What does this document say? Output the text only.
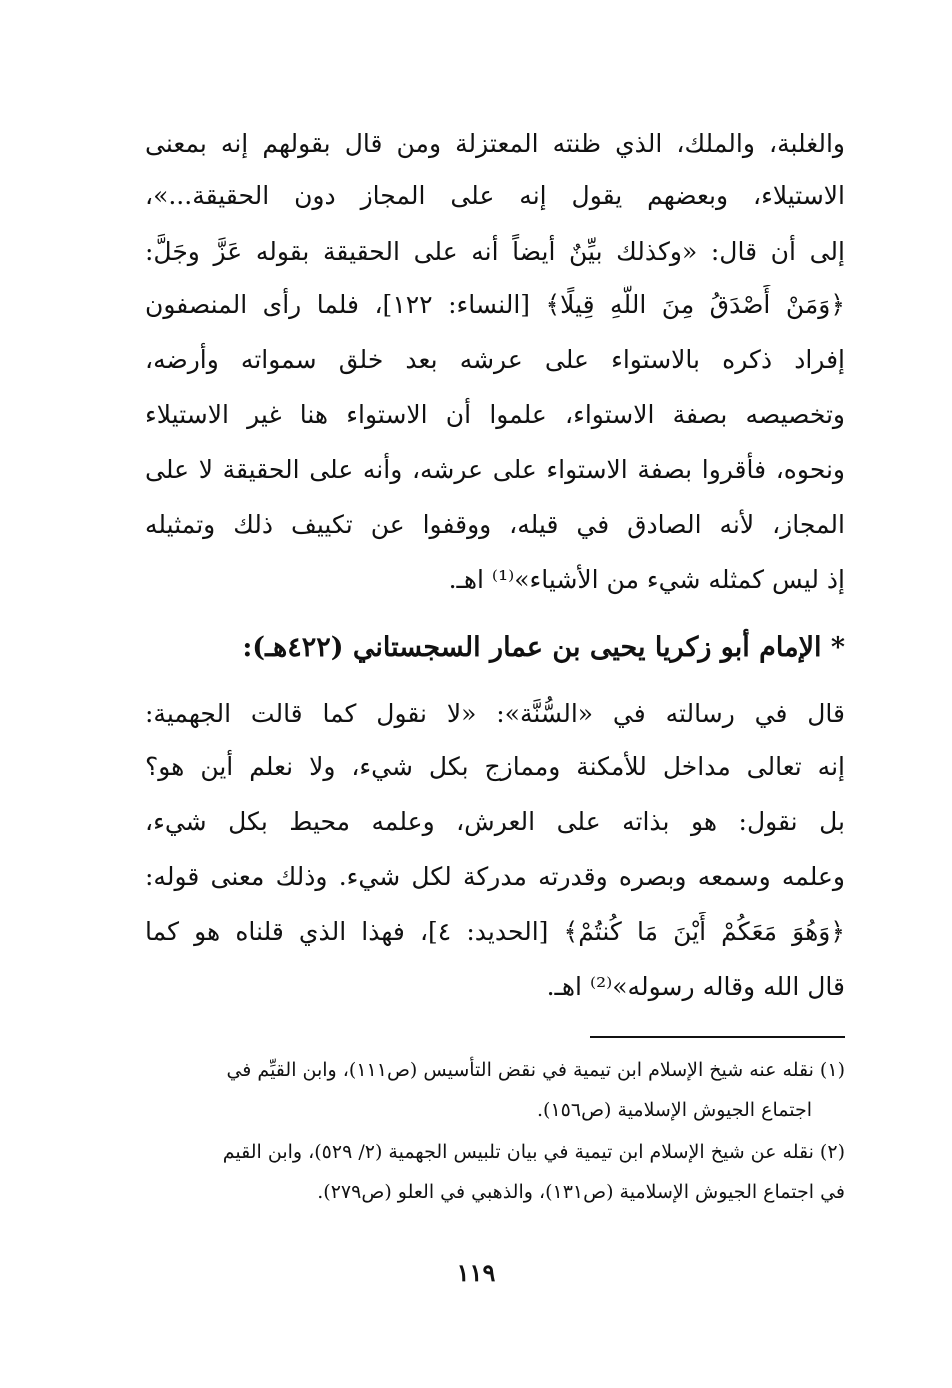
والغلبة، والملك، الذي ظنته المعتزلة ومن قال بقولهم إنه بمعنى
الاستيلاء، وبعضهم يقول إنه على المجاز دون الحقيقة...»،
إلى أن قال: «وكذلك بيِّنٌ أيضاً أنه على الحقيقة بقوله عَزَّ وجَلَّ:
﴿وَمَنْ أَصْدَقُ مِنَ اللَّهِ قِيلًا﴾ [النساء: ١٢٢]، فلما رأى المنصفون
إفراد ذكره بالاستواء على عرشه بعد خلق سمواته وأرضه،
وتخصيصه بصفة الاستواء، علموا أن الاستواء هنا غير الاستيلاء
ونحوه، فأقروا بصفة الاستواء على عرشه، وأنه على الحقيقة لا على
المجاز، لأنه الصادق في قيله، ووقفوا عن تكييف ذلك وتمثيله
إذ ليس كمثله شيء من الأشياء»⁽¹⁾ اهـ.
* الإمام أبو زكريا يحيى بن عمار السجستاني (٤٢٢هـ):
قال في رسالته في «السُّنَّة»: «لا نقول كما قالت الجهمية:
إنه تعالى مداخل للأمكنة وممازج بكل شيء، ولا نعلم أين هو؟
بل نقول: هو بذاته على العرش، وعلمه محيط بكل شيء،
وعلمه وسمعه وبصره وقدرته مدركة لكل شيء. وذلك معنى قوله:
﴿وَهُوَ مَعَكُمْ أَيْنَ مَا كُنتُمْ﴾ [الحديد: ٤]، فهذا الذي قلناه هو كما
قال الله وقاله رسوله»⁽²⁾ اهـ.
(١) نقله عنه شيخ الإسلام ابن تيمية في نقض التأسيس (ص١١١)، وابن القيِّم في
اجتماع الجيوش الإسلامية (ص١٥٦).
(٢) نقله عن شيخ الإسلام ابن تيمية في بيان تلبيس الجهمية (٢/ ٥٢٩)، وابن القيم
في اجتماع الجيوش الإسلامية (ص١٣١)، والذهبي في العلو (ص٢٧٩).
١١٩
